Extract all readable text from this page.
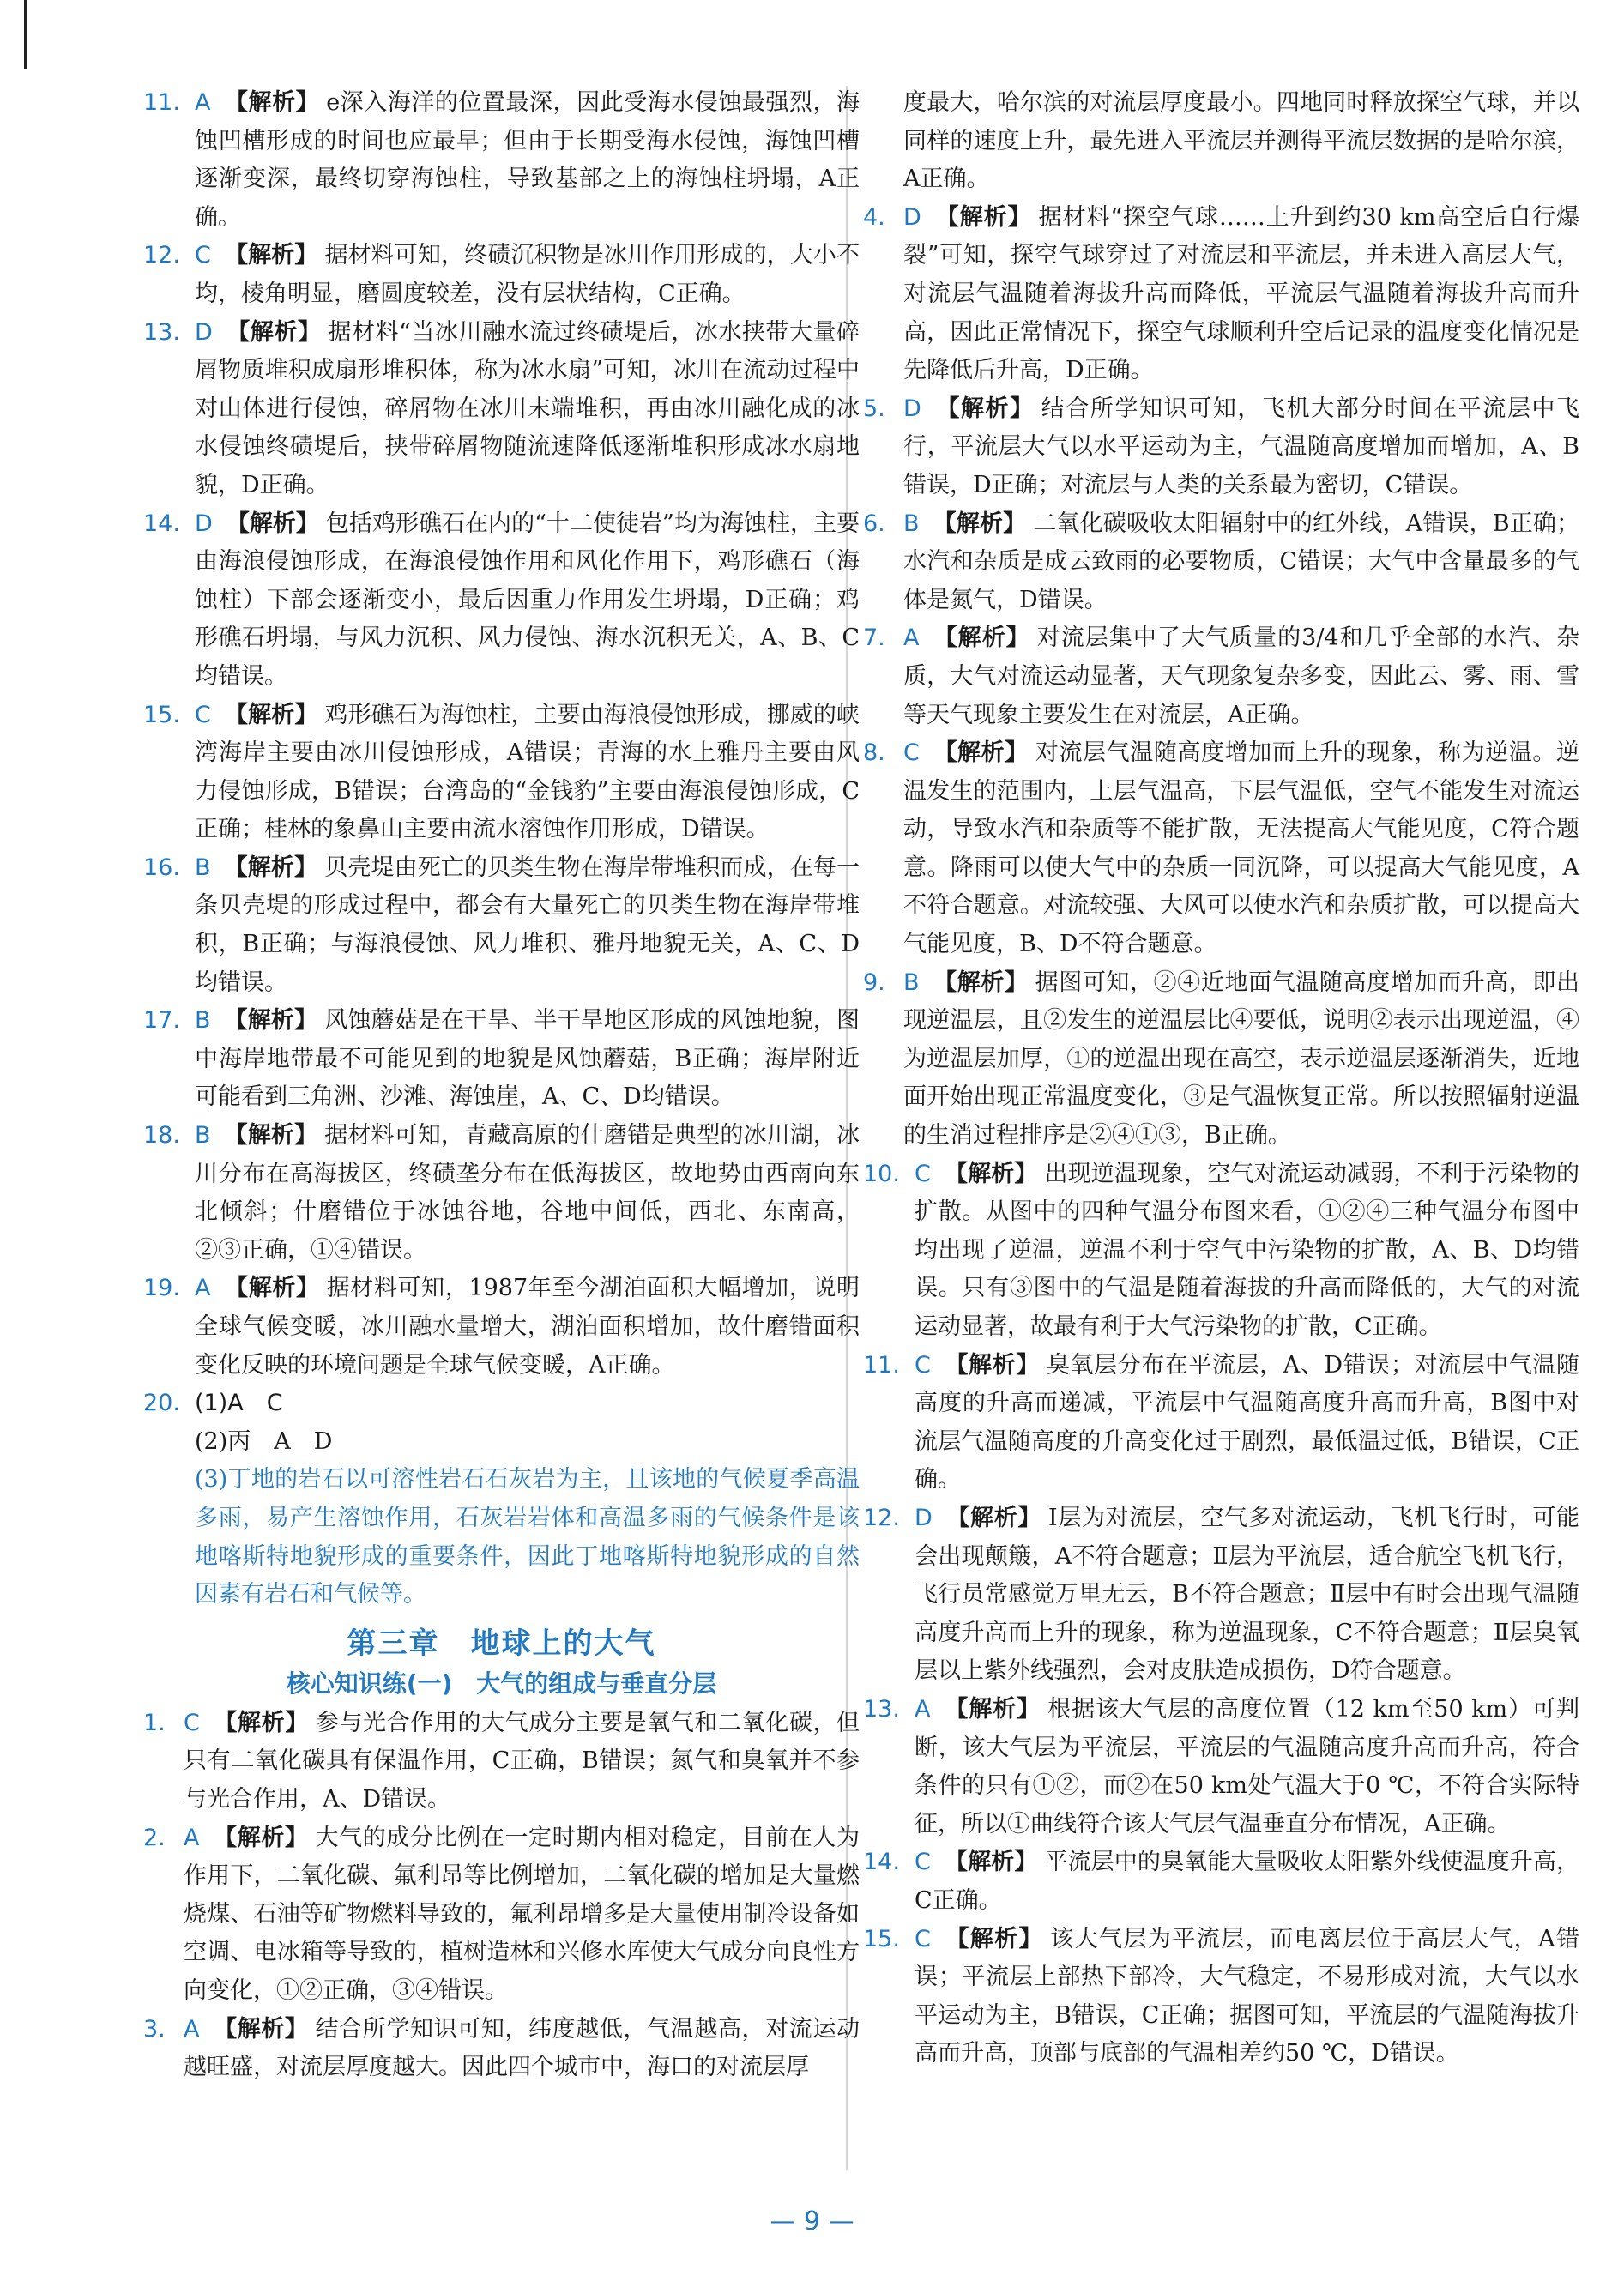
11. A 【解析】 e深入海洋的位置最深，因此受海水侵蚀最强烈，海蚀凹槽形成的时间也应最早；但由于长期受海水侵蚀，海蚀凹槽逐渐变深，最终切穿海蚀柱，导致基部之上的海蚀柱坍塌，A正确。

12. C 【解析】 据材料可知，终碛沉积物是冰川作用形成的，大小不均，棱角明显，磨圆度较差，没有层状结构，C正确。

13. D 【解析】 据材料“当冰川融水流过终碛堤后，冰水挟带大量碎屑物质堆积成扇形堆积体，称为冰水扇”可知，冰川在流动过程中对山体进行侵蚀，碎屑物在冰川末端堆积，再由冰川融化成的冰水侵蚀终碛堤后，挟带碎屑物随流速降低逐渐堆积形成冰水扇地貌，D正确。

14. D 【解析】 包括鸡形礁石在内的“十二使徒岩”均为海蚀柱，主要由海浪侵蚀形成，在海浪侵蚀作用和风化作用下，鸡形礁石（海蚀柱）下部会逐渐变小，最后因重力作用发生坍塌，D正确；鸡形礁石坍塌，与风力沉积、风力侵蚀、海水沉积无关，A、B、C均错误。

15. C 【解析】 鸡形礁石为海蚀柱，主要由海浪侵蚀形成，挪威的峡湾海岸主要由冰川侵蚀形成，A错误；青海的水上雅丹主要由风力侵蚀形成，B错误；台湾岛的“金钱豹”主要由海浪侵蚀形成，C正确；桂林的象鼻山主要由流水溶蚀作用形成，D错误。

16. B 【解析】 贝壳堤由死亡的贝类生物在海岸带堆积而成，在每一条贝壳堤的形成过程中，都会有大量死亡的贝类生物在海岸带堆积，B正确；与海浪侵蚀、风力堆积、雅丹地貌无关，A、C、D均错误。

17. B 【解析】 风蚀蘑菇是在干旱、半干旱地区形成的风蚀地貌，图中海岸地带最不可能见到的地貌是风蚀蘑菇，B正确；海岸附近可能看到三角洲、沙滩、海蚀崖，A、C、D均错误。

18. B 【解析】 据材料可知，青藏高原的什磨错是典型的冰川湖，冰川分布在高海拔区，终碛垄分布在低海拔区，故地势由西南向东北倾斜；什磨错位于冰蚀谷地，谷地中间低，西北、东南高，②③正确，①④错误。

19. A 【解析】 据材料可知，1987年至今湖泊面积大幅增加，说明全球气候变暖，冰川融水量增大，湖泊面积增加，故什磨错面积变化反映的环境问题是全球气候变暖，A正确。

20. (1)A　C
(2)丙　A　D
(3)丁地的岩石以可溶性岩石石灰岩为主，且该地的气候夏季高温多雨，易产生溶蚀作用，石灰岩岩体和高温多雨的气候条件是该地喀斯特地貌形成的重要条件，因此丁地喀斯特地貌形成的自然因素有岩石和气候等。
第三章　地球上的大气
核心知识练(一)　大气的组成与垂直分层

1. C 【解析】 参与光合作用的大气成分主要是氧气和二氧化碳，但只有二氧化碳具有保温作用，C正确，B错误；氮气和臭氧并不参与光合作用，A、D错误。

2. A 【解析】 大气的成分比例在一定时期内相对稳定，目前在人为作用下，二氧化碳、氟利昂等比例增加，二氧化碳的增加是大量燃烧煤、石油等矿物燃料导致的，氟利昂增多是大量使用制冷设备如空调、电冰箱等导致的，植树造林和兴修水库使大气成分向良性方向变化，①②正确，③④错误。

3. A 【解析】 结合所学知识可知，纬度越低，气温越高，对流运动越旺盛，对流层厚度越大。因此四个城市中，海口的对流层厚

度最大，哈尔滨的对流层厚度最小。四地同时释放探空气球，并以同样的速度上升，最先进入平流层并测得平流层数据的是哈尔滨，A正确。

4. D 【解析】 据材料“探空气球……上升到约30 km高空后自行爆裂”可知，探空气球穿过了对流层和平流层，并未进入高层大气，对流层气温随着海拔升高而降低，平流层气温随着海拔升高而升高，因此正常情况下，探空气球顺利升空后记录的温度变化情况是先降低后升高，D正确。

5. D 【解析】 结合所学知识可知，飞机大部分时间在平流层中飞行，平流层大气以水平运动为主，气温随高度增加而增加，A、B错误，D正确；对流层与人类的关系最为密切，C错误。

6. B 【解析】 二氧化碳吸收太阳辐射中的红外线，A错误，B正确；水汽和杂质是成云致雨的必要物质，C错误；大气中含量最多的气体是氮气，D错误。

7. A 【解析】 对流层集中了大气质量的3/4和几乎全部的水汽、杂质，大气对流运动显著，天气现象复杂多变，因此云、雾、雨、雪等天气现象主要发生在对流层，A正确。

8. C 【解析】 对流层气温随高度增加而上升的现象，称为逆温。逆温发生的范围内，上层气温高，下层气温低，空气不能发生对流运动，导致水汽和杂质等不能扩散，无法提高大气能见度，C符合题意。降雨可以使大气中的杂质一同沉降，可以提高大气能见度，A不符合题意。对流较强、大风可以使水汽和杂质扩散，可以提高大气能见度，B、D不符合题意。

9. B 【解析】 据图可知，②④近地面气温随高度增加而升高，即出现逆温层，且②发生的逆温层比④要低，说明②表示出现逆温，④为逆温层加厚，①的逆温出现在高空，表示逆温层逐渐消失，近地面开始出现正常温度变化，③是气温恢复正常。所以按照辐射逆温的生消过程排序是②④①③，B正确。

10. C 【解析】 出现逆温现象，空气对流运动减弱，不利于污染物的扩散。从图中的四种气温分布图来看，①②④三种气温分布图中均出现了逆温，逆温不利于空气中污染物的扩散，A、B、D均错误。只有③图中的气温是随着海拔的升高而降低的，大气的对流运动显著，故最有利于大气污染物的扩散，C正确。

11. C 【解析】 臭氧层分布在平流层，A、D错误；对流层中气温随高度的升高而递减，平流层中气温随高度升高而升高，B图中对流层气温随高度的升高变化过于剧烈，最低温过低，B错误，C正确。

12. D 【解析】 Ⅰ层为对流层，空气多对流运动，飞机飞行时，可能会出现颠簸，A不符合题意；Ⅱ层为平流层，适合航空飞机飞行，飞行员常感觉万里无云，B不符合题意；Ⅱ层中有时会出现气温随高度升高而上升的现象，称为逆温现象，C不符合题意；Ⅱ层臭氧层以上紫外线强烈，会对皮肤造成损伤，D符合题意。

13. A 【解析】 根据该大气层的高度位置（12 km至50 km）可判断，该大气层为平流层，平流层的气温随高度升高而升高，符合条件的只有①②，而②在50 km处气温大于0 ℃，不符合实际特征，所以①曲线符合该大气层气温垂直分布情况，A正确。

14. C 【解析】 平流层中的臭氧能大量吸收太阳紫外线使温度升高，C正确。

15. C 【解析】 该大气层为平流层，而电离层位于高层大气，A错误；平流层上部热下部冷，大气稳定，不易形成对流，大气以水平运动为主，B错误，C正确；据图可知，平流层的气温随海拔升高而升高，顶部与底部的气温相差约50 ℃，D错误。

— 9 —
